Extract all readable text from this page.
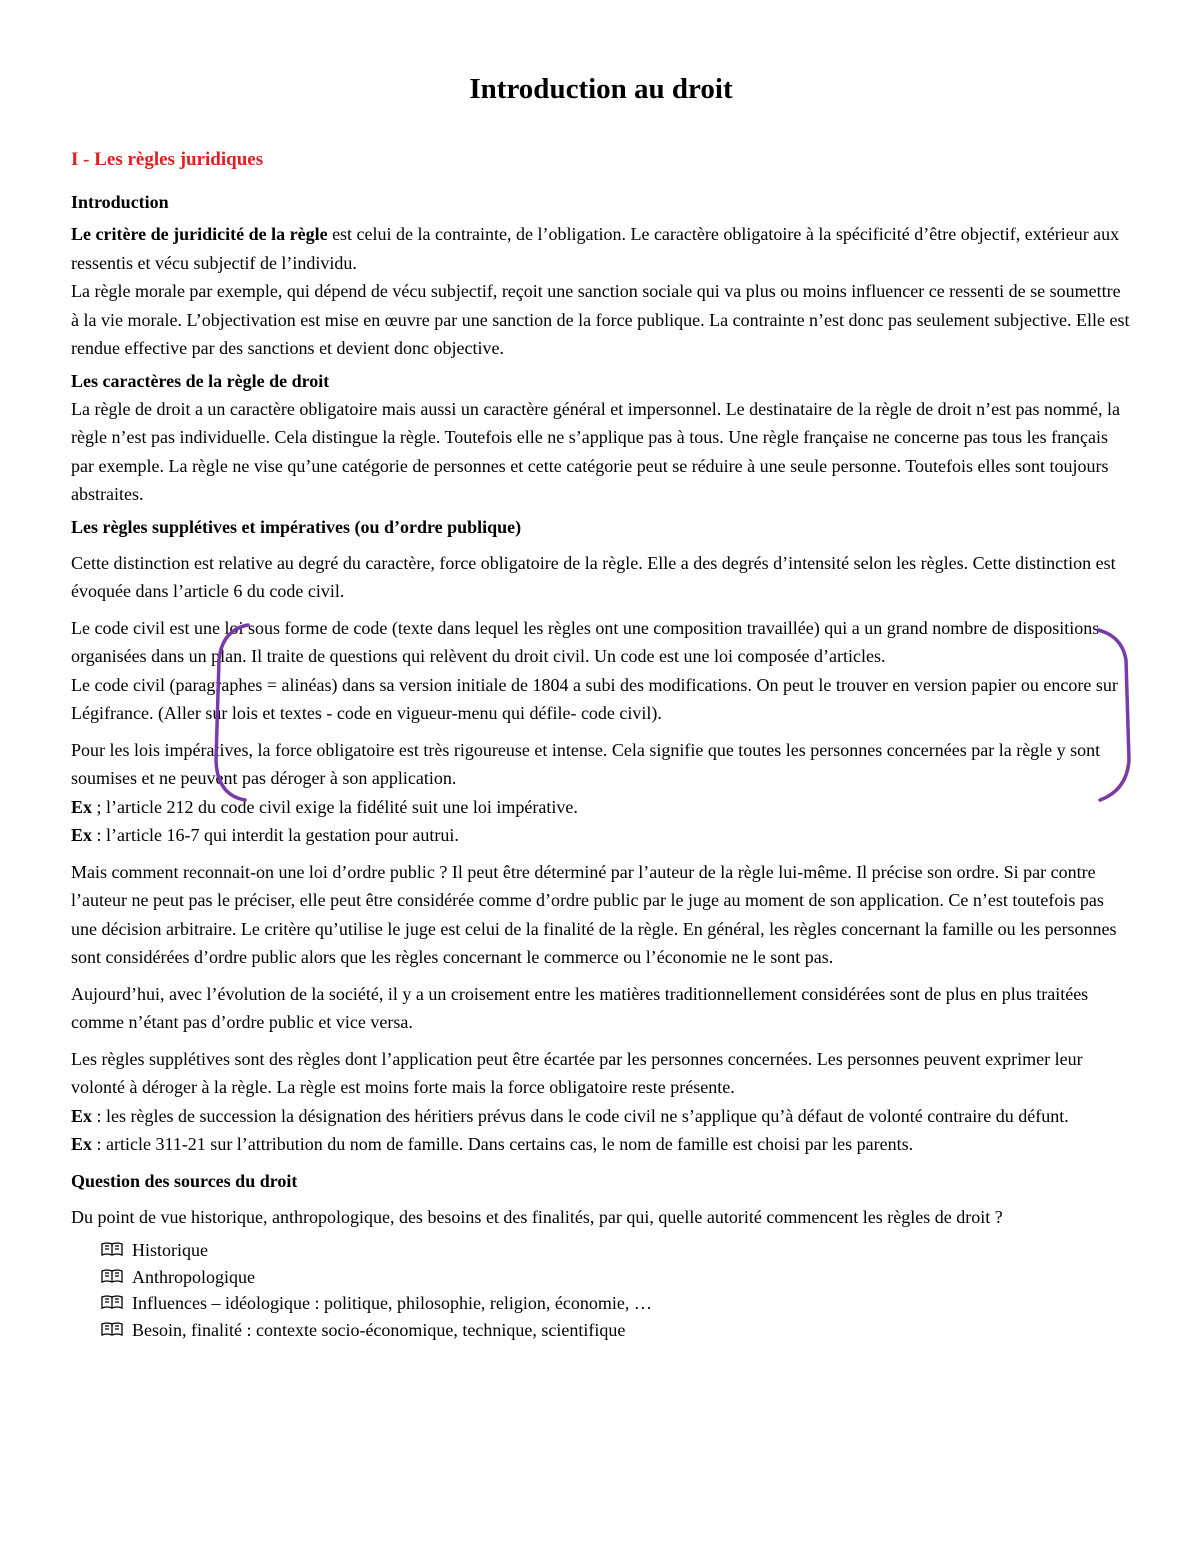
Introduction au droit
I - Les règles juridiques
Introduction

Le critère de juridicité de la règle est celui de la contrainte, de l’obligation. Le caractère obligatoire à la spécificité d’être objectif, extérieur aux ressentis et vécu subjectif de l’individu.

La règle morale par exemple, qui dépend de vécu subjectif, reçoit une sanction sociale qui va plus ou moins influencer ce ressenti de se soumettre à la vie morale. L’objectivation est mise en œuvre par une sanction de la force publique. La contrainte n’est donc pas seulement subjective. Elle est rendue effective par des sanctions et devient donc objective.

Les caractères de la règle de droit

La règle de droit a un caractère obligatoire mais aussi un caractère général et impersonnel. Le destinataire de la règle de droit n’est pas nommé, la règle n’est pas individuelle. Cela distingue la règle. Toutefois elle ne s’applique pas à tous. Une règle française ne concerne pas tous les français par exemple. La règle ne vise qu’une catégorie de personnes et cette catégorie peut se réduire à une seule personne. Toutefois elles sont toujours abstraites.

Les règles supplétives et impératives (ou d’ordre publique)

Cette distinction est relative au degré du caractère, force obligatoire de la règle. Elle a des degrés d’intensité selon les règles. Cette distinction est évoquée dans l’article 6 du code civil.

Le code civil est une loi sous forme de code (texte dans lequel les règles ont une composition travaillée) qui a un grand nombre de dispositions organisées dans un plan. Il traite de questions qui relèvent du droit civil. Un code est une loi composée d’articles.

Le code civil (paragraphes = alinéas) dans sa version initiale de 1804 a subi des modifications. On peut le trouver en version papier ou encore sur Légifrance. (Aller sur lois et textes - code en vigueur-menu qui défile- code civil).

Pour les lois impératives, la force obligatoire est très rigoureuse et intense. Cela signifie que toutes les personnes concernées par la règle y sont soumises et ne peuvent pas déroger à son application.

Ex ; l’article 212 du code civil exige la fidélité suit une loi impérative.

Ex : l’article 16-7 qui interdit la gestation pour autrui.

Mais comment reconnait-on une loi d’ordre public ? Il peut être déterminé par l’auteur de la règle lui-même. Il précise son ordre. Si par contre l’auteur ne peut pas le préciser, elle peut être considérée comme d’ordre public par le juge au moment de son application. Ce n’est toutefois pas une décision arbitraire. Le critère qu’utilise le juge est celui de la finalité de la règle. En général, les règles concernant la famille ou les personnes sont considérées d’ordre public alors que les règles concernant le commerce ou l’économie ne le sont pas.

Aujourd’hui, avec l’évolution de la société, il y a un croisement entre les matières traditionnellement considérées sont de plus en plus traitées comme n’étant pas d’ordre public et vice versa.

Les règles supplétives sont des règles dont l’application peut être écartée par les personnes concernées. Les personnes peuvent exprimer leur volonté à déroger à la règle. La règle est moins forte mais la force obligatoire reste présente.

Ex : les règles de succession la désignation des héritiers prévus dans le code civil ne s’applique qu’à défaut de volonté contraire du défunt.

Ex : article 311-21 sur l’attribution du nom de famille. Dans certains cas, le nom de famille est choisi par les parents.

Question des sources du droit

Du point de vue historique, anthropologique, des besoins et des finalités, par qui, quelle autorité commencent les règles de droit ?

Historique
Anthropologique
Influences – idéologique : politique, philosophie, religion, économie, …
Besoin, finalité : contexte socio-économique, technique, scientifique
